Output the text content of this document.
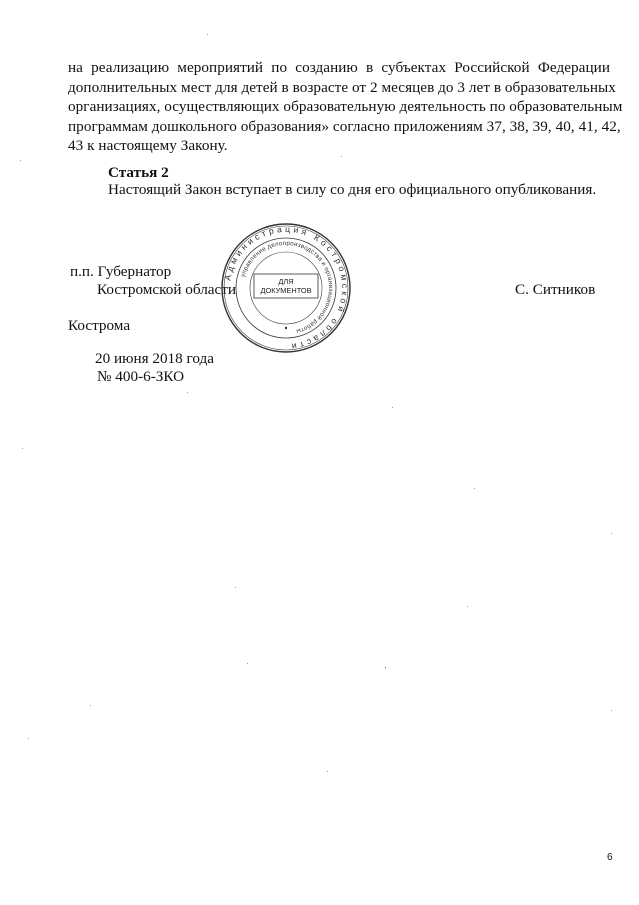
на реализацию мероприятий по созданию в субъектах Российской Федерации
дополнительных мест для детей в возрасте от 2 месяцев до 3 лет в образовательных
организациях, осуществляющих образовательную деятельность по образовательным
программам дошкольного образования» согласно приложениям 37, 38, 39, 40, 41, 42,
43 к настоящему Закону.
Статья 2
Настоящий Закон вступает в силу со дня его официального опубликования.
п.п. Губернатор
Костромской области	С. Ситников
Кострома
20 июня 2018 года
№ 400-6-ЗКО
Администрация Костромской области
управление делопроизводства и организационной работы
ДЛЯ
ДОКУМЕНТОВ
6
